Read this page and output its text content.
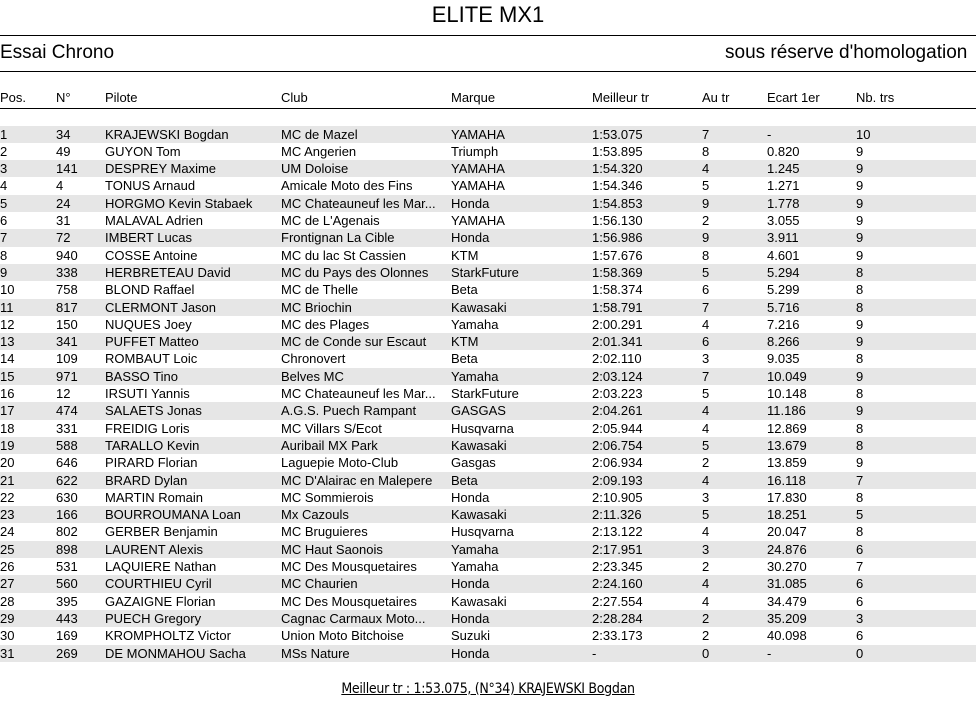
ELITE MX1
Essai Chrono	sous réserve d'homologation
Pos.	N°	Pilote	Club	Marque	Meilleur tr	Au tr	Ecart 1er	Nb. trs
1	34	KRAJEWSKI Bogdan	MC de Mazel	YAMAHA	1:53.075	7	-	10
2	49	GUYON Tom	MC Angerien	Triumph	1:53.895	8	0.820	9
3	141	DESPREY Maxime	UM Doloise	YAMAHA	1:54.320	4	1.245	9
4	4	TONUS Arnaud	Amicale Moto des Fins	YAMAHA	1:54.346	5	1.271	9
5	24	HORGMO Kevin Stabaek	MC Chateauneuf les Mar...	Honda	1:54.853	9	1.778	9
6	31	MALAVAL Adrien	MC de L'Agenais	YAMAHA	1:56.130	2	3.055	9
7	72	IMBERT Lucas	Frontignan La Cible	Honda	1:56.986	9	3.911	9
8	940	COSSE Antoine	MC du lac St Cassien	KTM	1:57.676	8	4.601	9
9	338	HERBRETEAU David	MC du Pays des Olonnes	StarkFuture	1:58.369	5	5.294	8
10	758	BLOND Raffael	MC de Thelle	Beta	1:58.374	6	5.299	8
11	817	CLERMONT Jason	MC Briochin	Kawasaki	1:58.791	7	5.716	8
12	150	NUQUES Joey	MC des Plages	Yamaha	2:00.291	4	7.216	9
13	341	PUFFET Matteo	MC de Conde sur Escaut	KTM	2:01.341	6	8.266	9
14	109	ROMBAUT Loic	Chronovert	Beta	2:02.110	3	9.035	8
15	971	BASSO Tino	Belves MC	Yamaha	2:03.124	7	10.049	9
16	12	IRSUTI Yannis	MC Chateauneuf les Mar...	StarkFuture	2:03.223	5	10.148	8
17	474	SALAETS Jonas	A.G.S. Puech Rampant	GASGAS	2:04.261	4	11.186	9
18	331	FREIDIG Loris	MC Villars S/Ecot	Husqvarna	2:05.944	4	12.869	8
19	588	TARALLO Kevin	Auribail MX Park	Kawasaki	2:06.754	5	13.679	8
20	646	PIRARD Florian	Laguepie Moto-Club	Gasgas	2:06.934	2	13.859	9
21	622	BRARD Dylan	MC D'Alairac en Malepere	Beta	2:09.193	4	16.118	7
22	630	MARTIN Romain	MC Sommierois	Honda	2:10.905	3	17.830	8
23	166	BOURROUMANA Loan	Mx Cazouls	Kawasaki	2:11.326	5	18.251	5
24	802	GERBER Benjamin	MC Bruguieres	Husqvarna	2:13.122	4	20.047	8
25	898	LAURENT Alexis	MC Haut Saonois	Yamaha	2:17.951	3	24.876	6
26	531	LAQUIERE Nathan	MC Des Mousquetaires	Yamaha	2:23.345	2	30.270	7
27	560	COURTHIEU Cyril	MC Chaurien	Honda	2:24.160	4	31.085	6
28	395	GAZAIGNE Florian	MC Des Mousquetaires	Kawasaki	2:27.554	4	34.479	6
29	443	PUECH Gregory	Cagnac Carmaux Moto...	Honda	2:28.284	2	35.209	3
30	169	KROMPHOLTZ Victor	Union Moto Bitchoise	Suzuki	2:33.173	2	40.098	6
31	269	DE MONMAHOU Sacha	MSs Nature	Honda	-	0	-	0
Meilleur tr : 1:53.075, (N°34) KRAJEWSKI Bogdan
